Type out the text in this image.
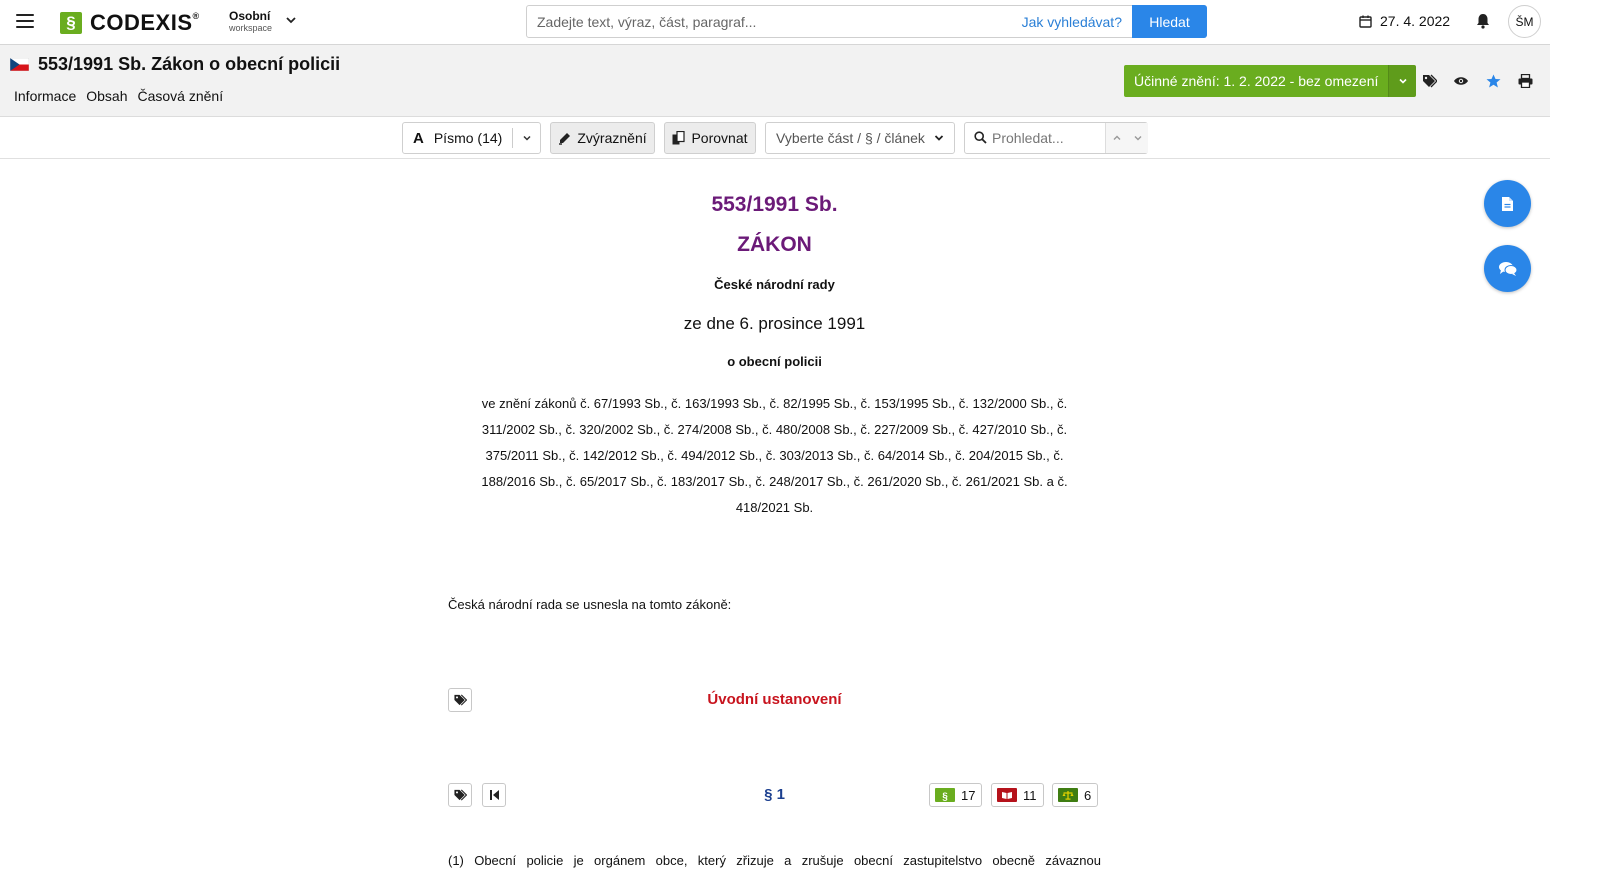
§ CODEXIS® Osobní
workspace
Zadejte text, výraz, část, paragraf...	Jak vyhledávat?	Hledat	27. 4. 2022	ŠM
553/1991 Sb. Zákon o obecní policii
Informace Obsah Časová znění
Účinné znění: 1. 2. 2022 - bez omezení
A Písmo (14)	Zvýraznění	Porovnat Vyberte část / § / článek
Prohledat...
553/1991 Sb.
ZÁKON
České národní rady
ze dne 6. prosince 1991
o obecní policii
ve znění zákonů č. 67/1993 Sb., č. 163/1993 Sb., č. 82/1995 Sb., č. 153/1995 Sb., č. 132/2000 Sb., č. 311/2002 Sb., č. 320/2002 Sb., č. 274/2008 Sb., č. 480/2008 Sb., č. 227/2009 Sb., č. 427/2010 Sb., č. 375/2011 Sb., č. 142/2012 Sb., č. 494/2012 Sb., č. 303/2013 Sb., č. 64/2014 Sb., č. 204/2015 Sb., č. 188/2016 Sb., č. 65/2017 Sb., č. 183/2017 Sb., č. 248/2017 Sb., č. 261/2020 Sb., č. 261/2021 Sb. a č. 418/2021 Sb.
Česká národní rada se usnesla na tomto zákoně:
Úvodní ustanovení
§ 1	§ 17	11	6
(1) Obecní policie je orgánem obce, který zřizuje a zrušuje obecní zastupitelstvo obecně závaznou
